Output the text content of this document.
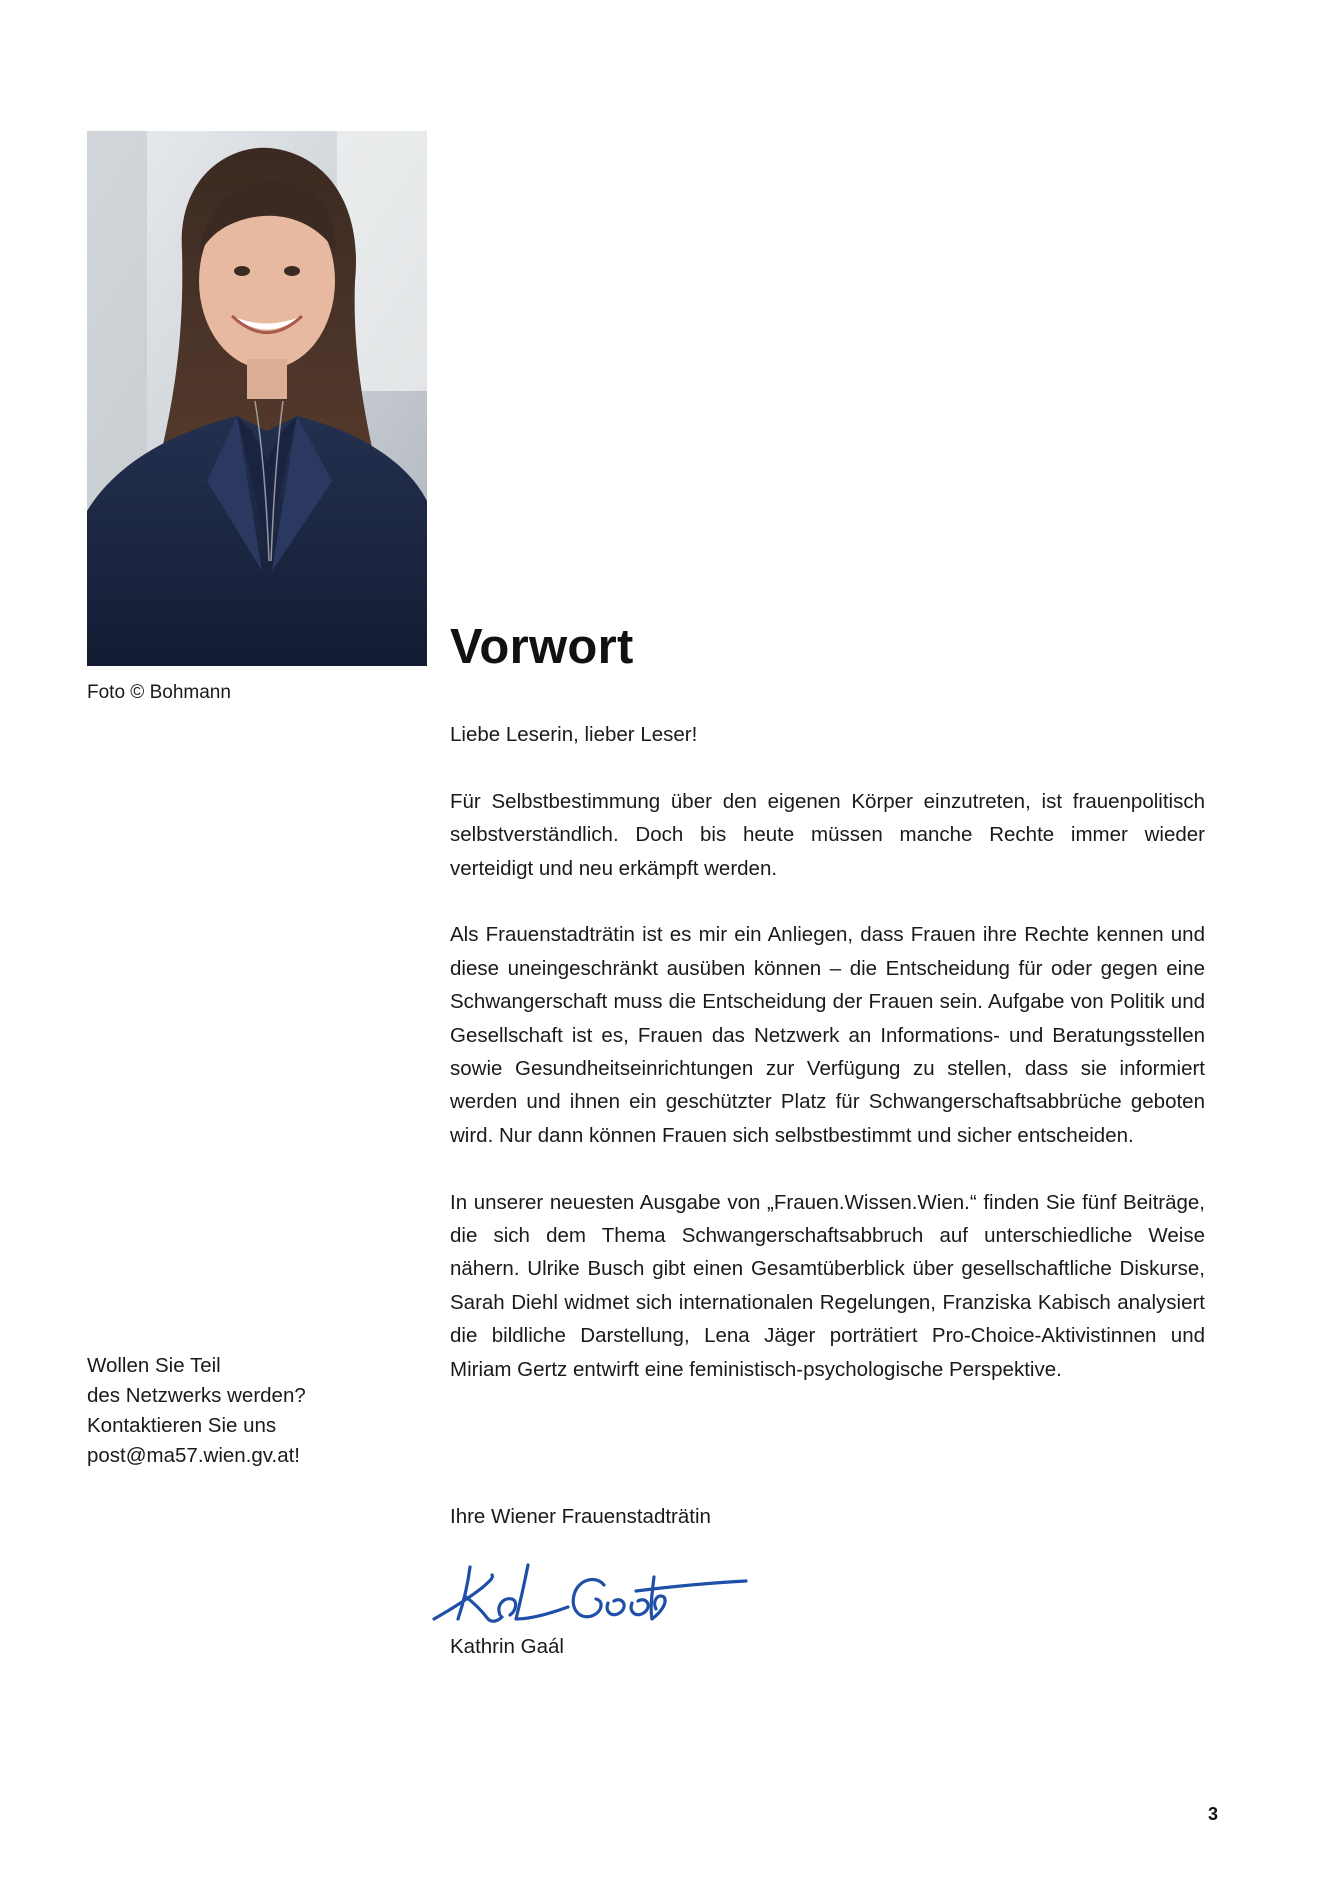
Foto © Bohmann
Vorwort

Liebe Leserin, lieber Leser!

Für Selbstbestimmung über den eigenen Körper einzutreten, ist frauenpolitisch selbstverständlich. Doch bis heute müssen manche Rechte immer wieder verteidigt und neu erkämpft werden.

Als Frauenstadträtin ist es mir ein Anliegen, dass Frauen ihre Rechte kennen und diese uneingeschränkt ausüben können – die Entscheidung für oder gegen eine Schwangerschaft muss die Entscheidung der Frauen sein. Aufgabe von Politik und Gesellschaft ist es, Frauen das Netzwerk an Informations- und Beratungsstellen sowie Gesundheitseinrichtungen zur Verfügung zu stellen, dass sie informiert werden und ihnen ein geschützter Platz für Schwangerschaftsabbrüche geboten wird. Nur dann können Frauen sich selbstbestimmt und sicher entscheiden.

In unserer neuesten Ausgabe von „Frauen.Wissen.Wien.“ finden Sie fünf Beiträge, die sich dem Thema Schwangerschaftsabbruch auf unterschiedliche Weise nähern. Ulrike Busch gibt einen Gesamtüberblick über gesellschaftliche Diskurse, Sarah Diehl widmet sich internationalen Regelungen, Franziska Kabisch analysiert die bildliche Darstellung, Lena Jäger porträtiert Pro-Choice-Aktivistinnen und Miriam Gertz entwirft eine feministisch-psychologische Perspektive.

Wollen Sie Teil
des Netzwerks werden?
Kontaktieren Sie uns
post@ma57.wien.gv.at!
Ihre Wiener Frauenstadträtin
Kathrin Gaál
3
